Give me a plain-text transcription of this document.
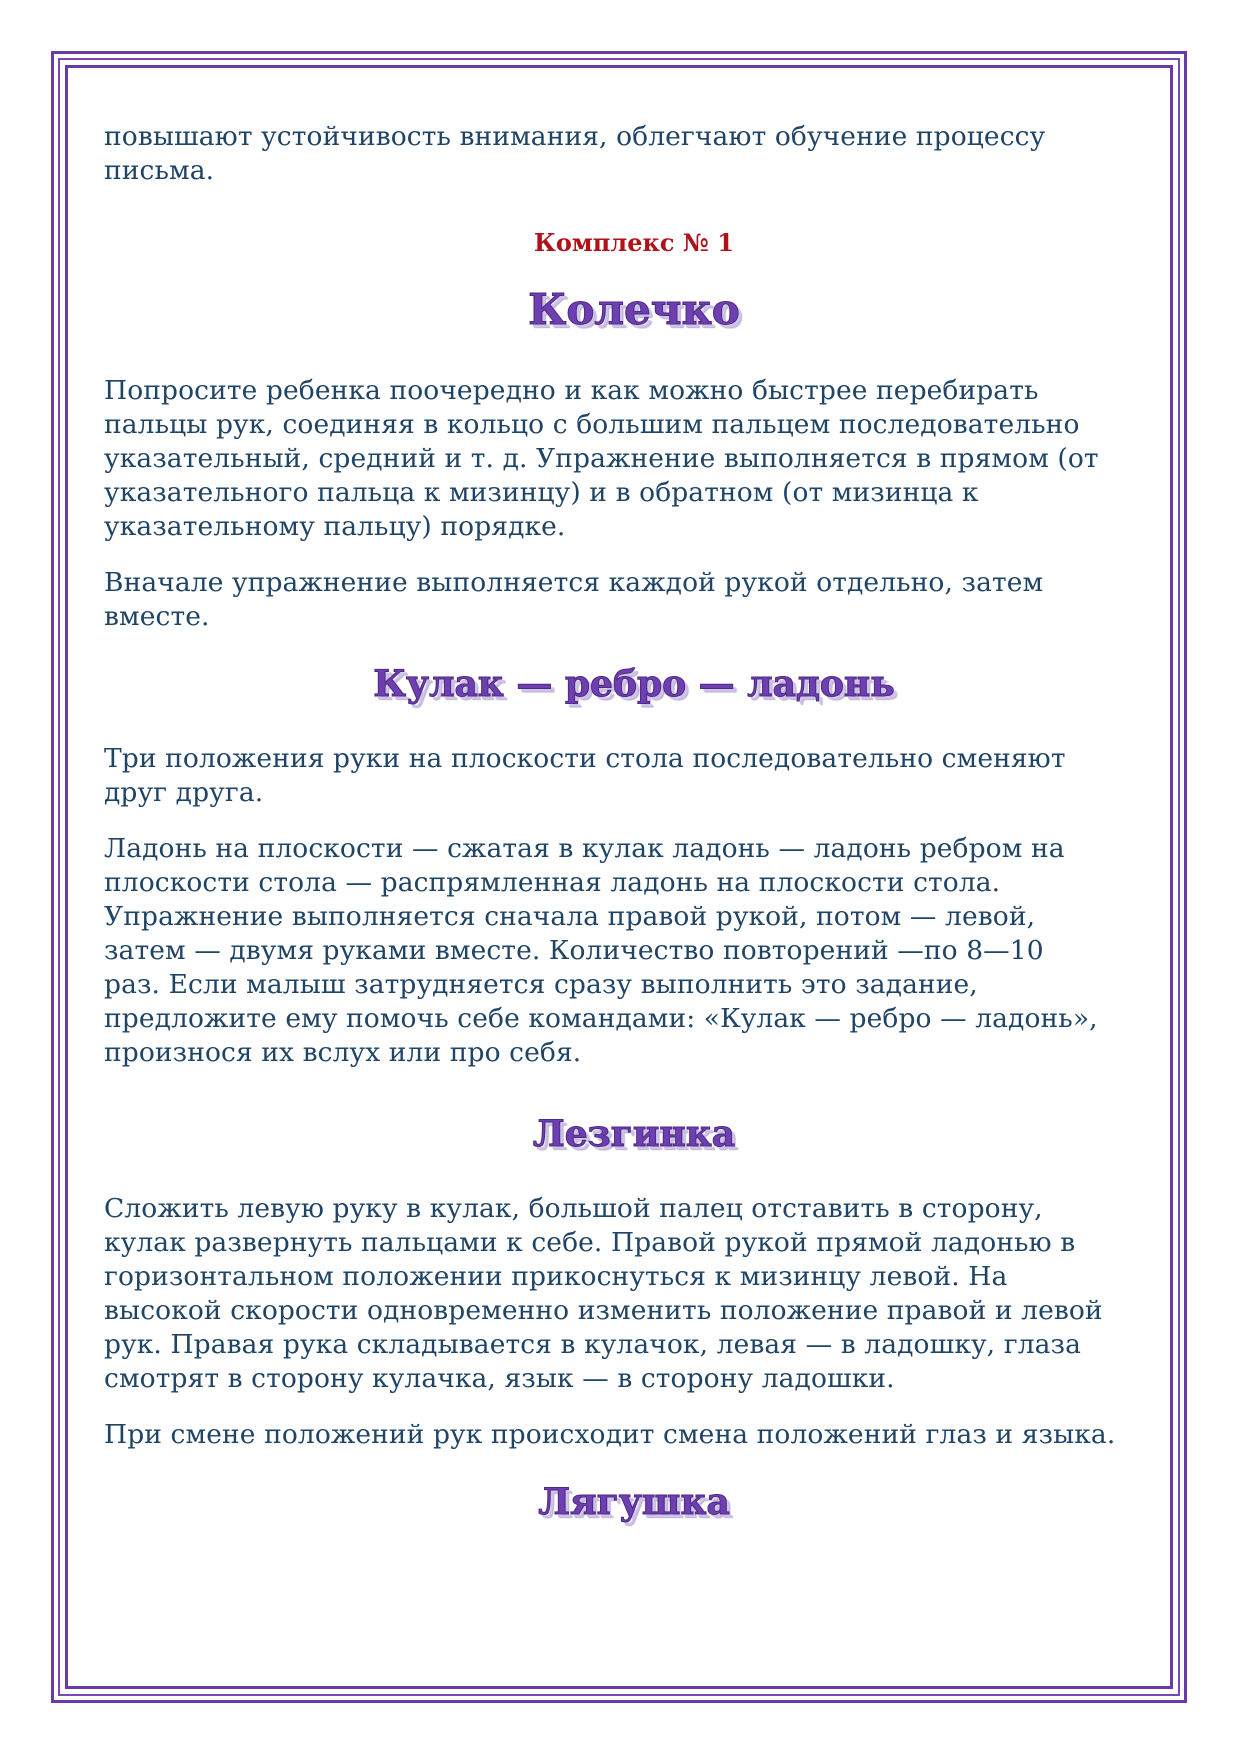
повышают устойчивость внимания, облегчают обучение процессу
письма.

Комплекс № 1

Колечко

Попросите ребенка поочередно и как можно быстрее перебирать
пальцы рук, соединяя в кольцо с большим пальцем последовательно
указательный, средний и т. д. Упражнение выполняется в прямом (от
указательного пальца к мизинцу) и в обратном (от мизинца к
указательному пальцу) порядке.

Вначале упражнение выполняется каждой рукой отдельно, затем
вместе.

Кулак — ребро — ладонь

Три положения руки на плоскости стола последовательно сменяют
друг друга.

Ладонь на плоскости — сжатая в кулак ладонь — ладонь ребром на
плоскости стола — распрямленная ладонь на плоскости стола.
Упражнение выполняется сначала правой рукой, потом — левой,
затем — двумя руками вместе. Количество повторений —по 8—10
раз. Если малыш затрудняется сразу выполнить это задание,
предложите ему помочь себе командами: «Кулак — ребро — ладонь»,
произнося их вслух или про себя.

Лезгинка

Сложить левую руку в кулак, большой палец отставить в сторону,
кулак развернуть пальцами к себе. Правой рукой прямой ладонью в
горизонтальном положении прикоснуться к мизинцу левой. На
высокой скорости одновременно изменить положение правой и левой
рук. Правая рука складывается в кулачок, левая — в ладошку, глаза
смотрят в сторону кулачка, язык — в сторону ладошки.

При смене положений рук происходит смена положений глаз и языка.

Лягушка
